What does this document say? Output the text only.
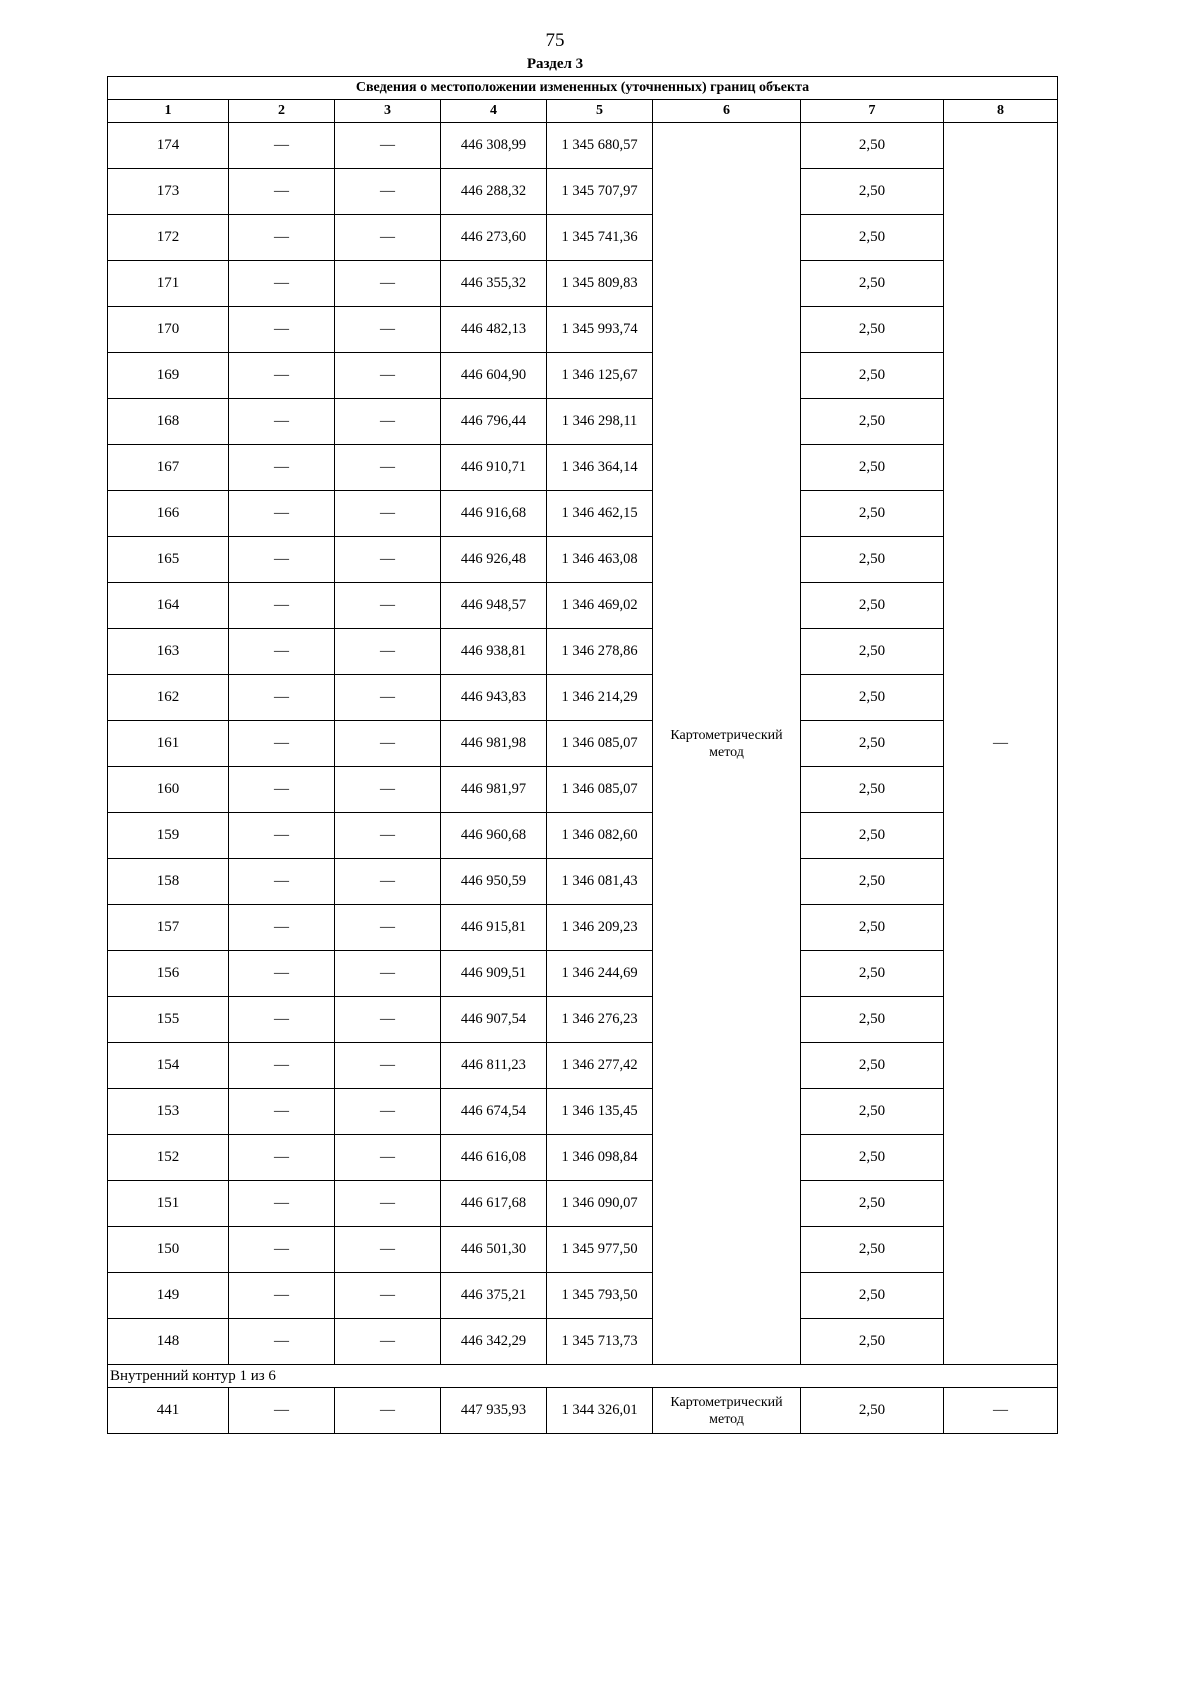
75
Раздел 3
Сведения о местоположении измененных (уточненных) границ объекта							
1	2	3	4	5	6	7	8
174	—	—	446 308,99	1 345 680,57	Картометрический метод	2,50	—
173	—	—	446 288,32	1 345 707,97		2,50	
172	—	—	446 273,60	1 345 741,36		2,50	
171	—	—	446 355,32	1 345 809,83		2,50	
170	—	—	446 482,13	1 345 993,74		2,50	
169	—	—	446 604,90	1 346 125,67		2,50	
168	—	—	446 796,44	1 346 298,11		2,50	
167	—	—	446 910,71	1 346 364,14		2,50	
166	—	—	446 916,68	1 346 462,15		2,50	
165	—	—	446 926,48	1 346 463,08		2,50	
164	—	—	446 948,57	1 346 469,02		2,50	
163	—	—	446 938,81	1 346 278,86		2,50	
162	—	—	446 943,83	1 346 214,29		2,50	
161	—	—	446 981,98	1 346 085,07		2,50	
160	—	—	446 981,97	1 346 085,07		2,50	
159	—	—	446 960,68	1 346 082,60		2,50	
158	—	—	446 950,59	1 346 081,43		2,50	
157	—	—	446 915,81	1 346 209,23		2,50	
156	—	—	446 909,51	1 346 244,69		2,50	
155	—	—	446 907,54	1 346 276,23		2,50	
154	—	—	446 811,23	1 346 277,42		2,50	
153	—	—	446 674,54	1 346 135,45		2,50	
152	—	—	446 616,08	1 346 098,84		2,50	
151	—	—	446 617,68	1 346 090,07		2,50	
150	—	—	446 501,30	1 345 977,50		2,50	
149	—	—	446 375,21	1 345 793,50		2,50	
148	—	—	446 342,29	1 345 713,73		2,50	
Внутренний контур 1 из 6							
441	—	—	447 935,93	1 344 326,01	Картометрический метод	2,50	—
